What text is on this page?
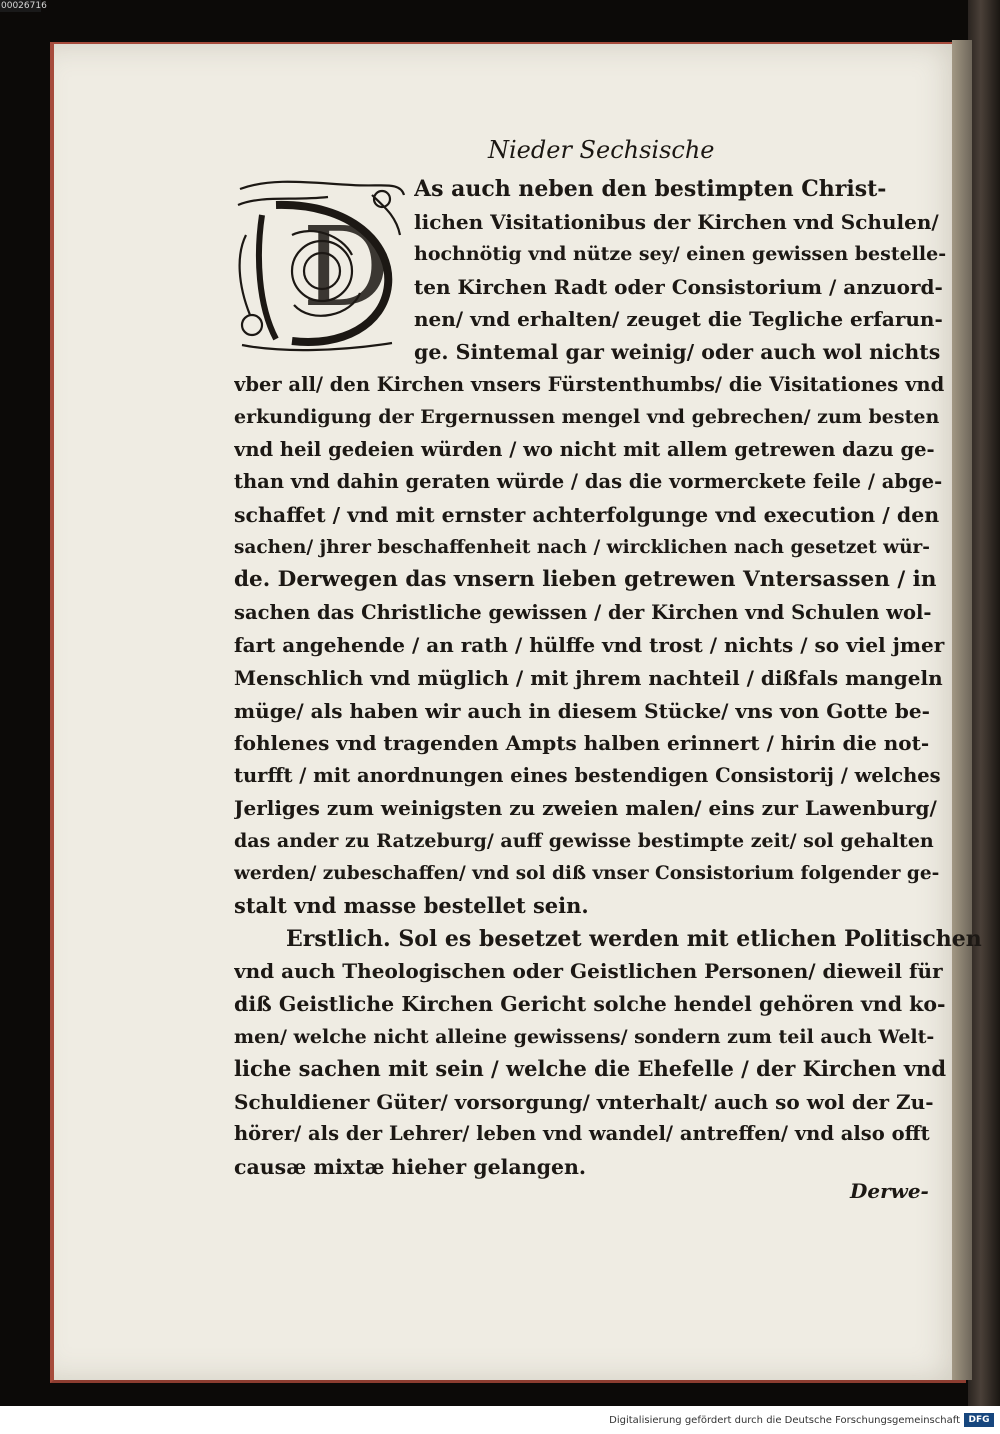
00026716
Nieder Sechsische
D
As auch neben den bestimpten Christ-
lichen Visitationibus der Kirchen vnd Schulen/
hochnötig vnd nütze sey/ einen gewissen bestelle-
ten Kirchen Radt oder Consistorium / anzuord-
nen/ vnd erhalten/ zeuget die Tegliche erfarun-
ge. Sintemal gar weinig/ oder auch wol nichts
vber all/ den Kirchen vnsers Fürstenthumbs/ die Visitationes vnd
erkundigung der Ergernussen mengel vnd gebrechen/ zum besten
vnd heil gedeien würden / wo nicht mit allem getrewen dazu ge-
than vnd dahin geraten würde / das die vormerckete feile / abge-
schaffet / vnd mit ernster achterfolgunge vnd execution / den
sachen/ jhrer beschaffenheit nach / wircklichen nach gesetzet wür-
de. Derwegen das vnsern lieben getrewen Vntersassen / in
sachen das Christliche gewissen / der Kirchen vnd Schulen wol-
fart angehende / an rath / hülffe vnd trost / nichts / so viel jmer
Menschlich vnd müglich / mit jhrem nachteil / dißfals mangeln
müge/ als haben wir auch in diesem Stücke/ vns von Gotte be-
fohlenes vnd tragenden Ampts halben erinnert / hirin die not-
turfft / mit anordnungen eines bestendigen Consistorij / welches
Jerliges zum weinigsten zu zweien malen/ eins zur Lawenburg/
das ander zu Ratzeburg/ auff gewisse bestimpte zeit/ sol gehalten
werden/ zubeschaffen/ vnd sol diß vnser Consistorium folgender ge-
stalt vnd masse bestellet sein.
Erstlich. Sol es besetzet werden mit etlichen Politischen
vnd auch Theologischen oder Geistlichen Personen/ dieweil für
diß Geistliche Kirchen Gericht solche hendel gehören vnd ko-
men/ welche nicht alleine gewissens/ sondern zum teil auch Welt-
liche sachen mit sein / welche die Ehefelle / der Kirchen vnd
Schuldiener Güter/ vorsorgung/ vnterhalt/ auch so wol der Zu-
hörer/ als der Lehrer/ leben vnd wandel/ antreffen/ vnd also offt
causæ mixtæ hieher gelangen.
Derwe-
Digitalisierung gefördert durch die Deutsche Forschungsgemeinschaft DFG
